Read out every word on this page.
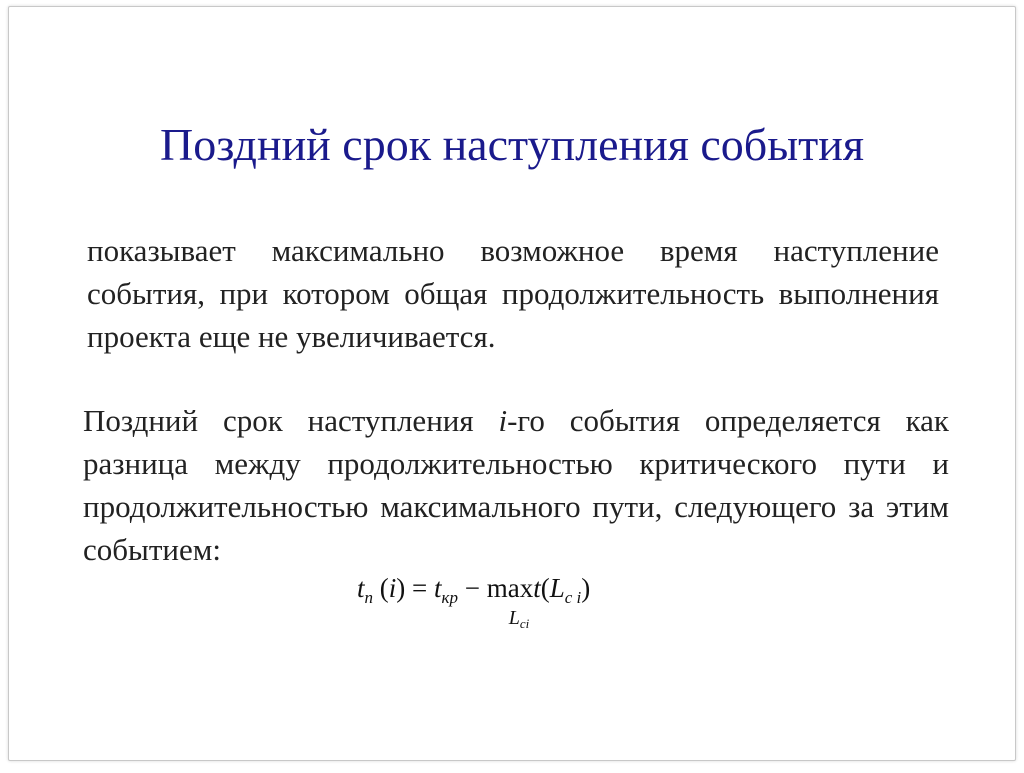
Поздний срок наступления события

показывает максимально возможное время наступление события, при котором общая продолжительность выполнения проекта еще не увеличивается.

Поздний срок наступления i-го события определяется как разница между продолжительностью критического пути и продолжительностью максимального пути, следующего за этим событием:

$t_n$ $(i) = t_{кр} - \max$
$L_{ci}$
$t(L_{c i})$
